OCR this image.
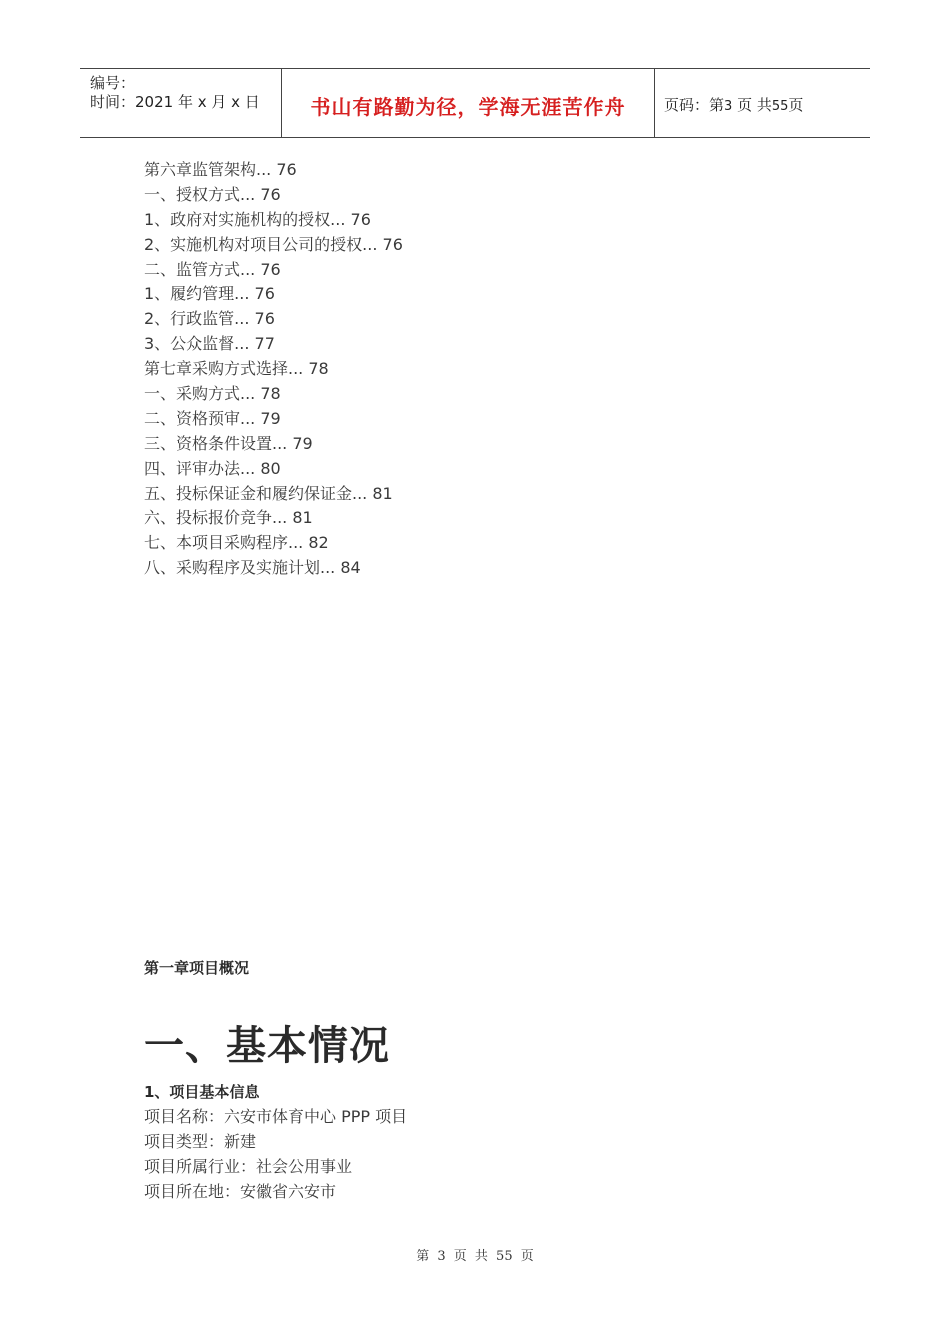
编号：
时间：2021 年 x 月 x 日	书山有路勤为径，学海无涯苦作舟	页码：第3 页 共55页
第六章监管架构... 76
一、授权方式... 76
1、政府对实施机构的授权... 76
2、实施机构对项目公司的授权... 76
二、监管方式... 76
1、履约管理... 76
2、行政监管... 76
3、公众监督... 77
第七章采购方式选择... 78
一、采购方式... 78
二、资格预审... 79
三、资格条件设置... 79
四、评审办法... 80
五、投标保证金和履约保证金... 81
六、投标报价竞争... 81
七、本项目采购程序... 82
八、采购程序及实施计划... 84
第一章项目概况
一、基本情况
1、项目基本信息
项目名称：六安市体育中心 PPP 项目
项目类型：新建
项目所属行业：社会公用事业
项目所在地：安徽省六安市
第 3 页 共 55 页
